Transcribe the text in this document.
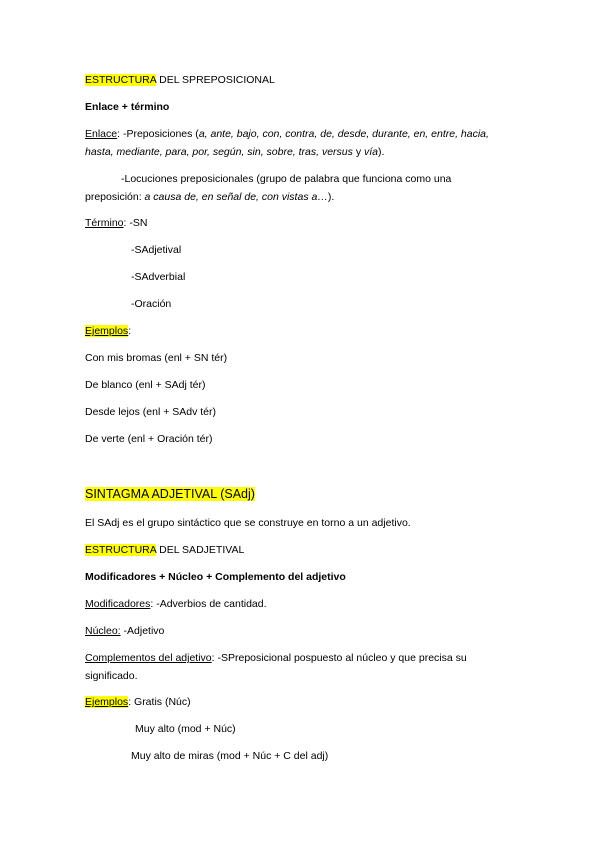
ESTRUCTURA DEL SPREPOSICIONAL
Enlace + término
Enlace: -Preposiciones (a, ante, bajo, con, contra, de, desde, durante, en, entre, hacia,
hasta, mediante, para, por, según, sin, sobre, tras, versus y vía).
-Locuciones preposicionales (grupo de palabra que funciona como una
preposición: a causa de, en señal de, con vistas a…).
Término: -SN
-SAdjetival
-SAdverbial
-Oración
Ejemplos:
Con mis bromas (enl + SN tér)
De blanco (enl + SAdj tér)
Desde lejos (enl + SAdv tér)
De verte (enl + Oración tér)
SINTAGMA ADJETIVAL (SAdj)
El SAdj es el grupo sintáctico que se construye en torno a un adjetivo.
ESTRUCTURA DEL SADJETIVAL
Modificadores + Núcleo + Complemento del adjetivo
Modificadores: -Adverbios de cantidad.
Núcleo: -Adjetivo
Complementos del adjetivo: -SPreposicional pospuesto al núcleo y que precisa su
significado.
Ejemplos: Gratis (Núc)
Muy alto (mod + Núc)
Muy alto de miras (mod + Núc + C del adj)
